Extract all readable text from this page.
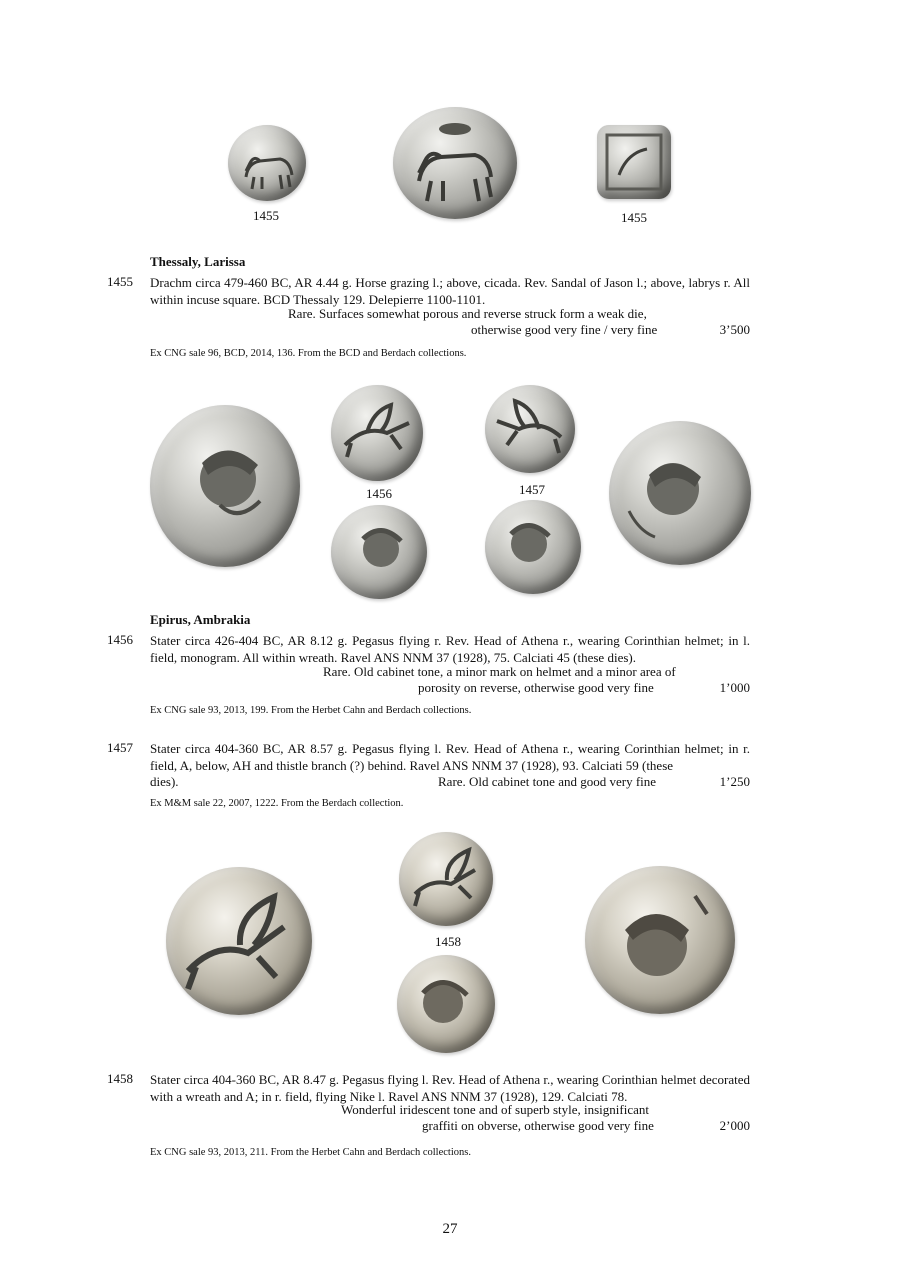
1455	1455
Thessaly, Larissa
1455 Drachm circa 479-460 BC, AR 4.44 g. Horse grazing l.; above, cicada. Rev. Sandal of Jason l.; above, labrys r. All within incuse square. BCD Thessaly 129. Delepierre 1100-1101.
Rare. Surfaces somewhat porous and reverse struck form a weak die,
otherwise good very fine / very fine	3’500
Ex CNG sale 96, BCD, 2014, 136. From the BCD and Berdach collections.
1456	1457
Epirus, Ambrakia
1456 Stater circa 426-404 BC, AR 8.12 g. Pegasus flying r. Rev. Head of Athena r., wearing Corinthian helmet; in l. field, monogram. All within wreath. Ravel ANS NNM 37 (1928), 75. Calciati 45 (these dies).
Rare. Old cabinet tone, a minor mark on helmet and a minor area of
porosity on reverse, otherwise good very fine	1’000
Ex CNG sale 93, 2013, 199. From the Herbet Cahn and Berdach collections.
1457 Stater circa 404-360 BC, AR 8.57 g. Pegasus flying l. Rev. Head of Athena r., wearing Corinthian helmet; in r. field, A, below, AH and thistle branch (?) behind. Ravel ANS NNM 37 (1928), 93. Calciati 59 (these
dies).	Rare. Old cabinet tone and good very fine	1’250
Ex M&M sale 22, 2007, 1222. From the Berdach collection.
1458
1458 Stater circa 404-360 BC, AR 8.47 g. Pegasus flying l. Rev. Head of Athena r., wearing Corinthian helmet decorated with a wreath and A; in r. field, flying Nike l. Ravel ANS NNM 37 (1928), 129. Calciati 78.
Wonderful iridescent tone and of superb style, insignificant
graffiti on obverse, otherwise good very fine	2’000
Ex CNG sale 93, 2013, 211. From the Herbet Cahn and Berdach collections.
27
